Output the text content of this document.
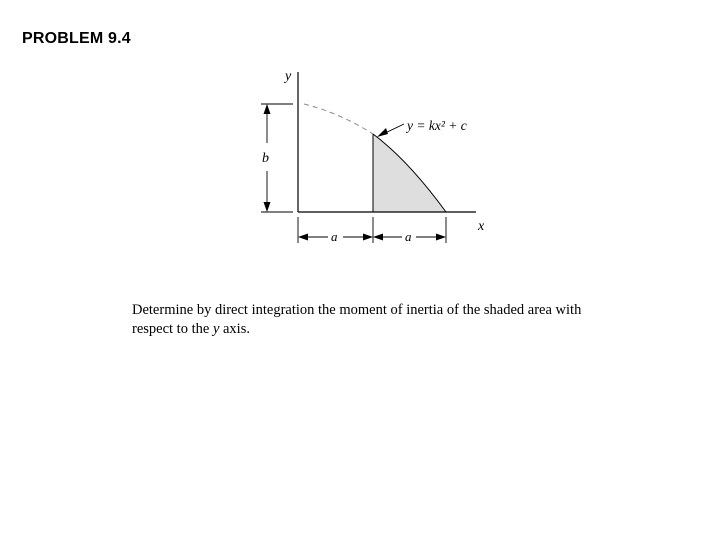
PROBLEM 9.4
y
x
y = kx² + c
b
a	a
Determine by direct integration the moment of inertia of the shaded area with respect to the y axis.
